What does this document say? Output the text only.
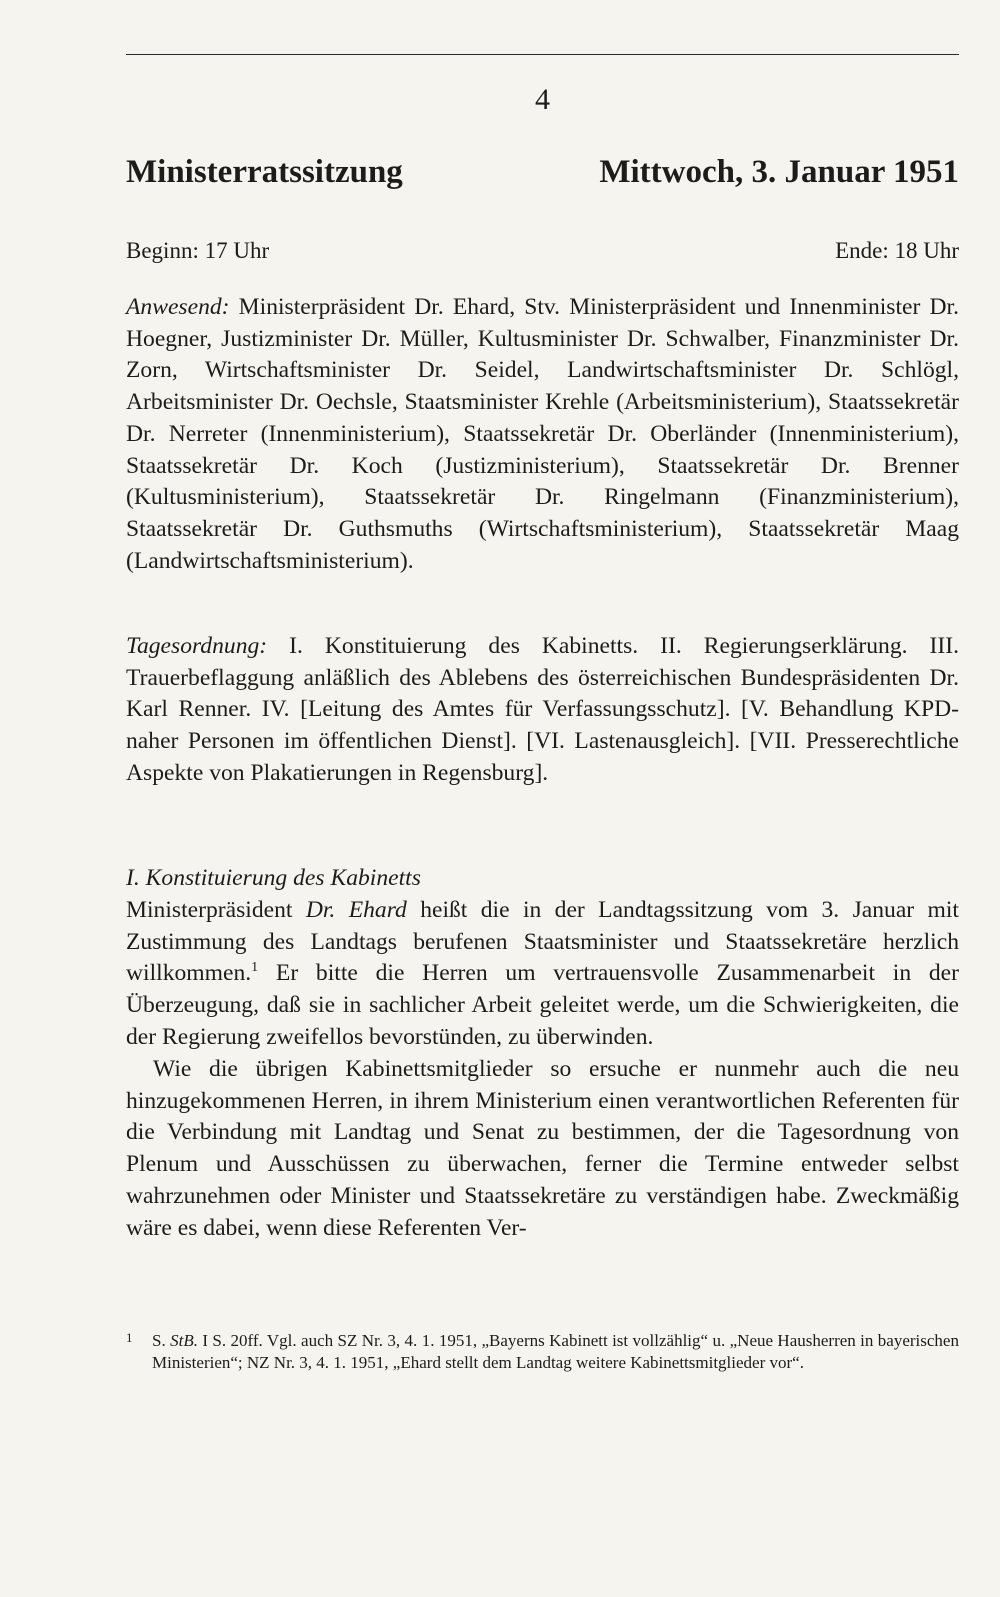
4
Ministerratssitzung	Mittwoch, 3. Januar 1951
Beginn: 17 Uhr	Ende: 18 Uhr

Anwesend: Ministerpräsident Dr. Ehard, Stv. Ministerpräsident und Innenminister Dr. Hoegner, Justizminister Dr. Müller, Kultusminister Dr. Schwalber, Finanzminister Dr. Zorn, Wirtschaftsminister Dr. Seidel, Landwirtschaftsminister Dr. Schlögl, Arbeitsminister Dr. Oechsle, Staatsminister Krehle (Arbeitsministerium), Staatssekretär Dr. Nerreter (Innenministerium), Staatssekretär Dr. Oberländer (Innenministerium), Staatssekretär Dr. Koch (Justizministerium), Staatssekretär Dr. Brenner (Kultusministerium), Staatssekretär Dr. Ringelmann (Finanzministerium), Staatssekretär Dr. Guthsmuths (Wirtschaftsministerium), Staatssekretär Maag (Landwirtschaftsministerium).

Tagesordnung: I. Konstituierung des Kabinetts. II. Regierungserklärung. III. Trauerbeflaggung anläßlich des Ablebens des österreichischen Bundespräsidenten Dr. Karl Renner. IV. [Leitung des Amtes für Verfassungsschutz]. [V. Behandlung KPD-naher Personen im öffentlichen Dienst]. [VI. Lastenausgleich]. [VII. Presserechtliche Aspekte von Plakatierungen in Regensburg].

I. Konstituierung des Kabinetts

Ministerpräsident Dr. Ehard heißt die in der Landtagssitzung vom 3. Januar mit Zustimmung des Landtags berufenen Staatsminister und Staatssekretäre herzlich willkommen.$^1$ Er bitte die Herren um vertrauensvolle Zusammenarbeit in der Überzeugung, daß sie in sachlicher Arbeit geleitet werde, um die Schwierigkeiten, die der Regierung zweifellos bevorstünden, zu überwinden.

Wie die übrigen Kabinettsmitglieder so ersuche er nunmehr auch die neu hinzugekommenen Herren, in ihrem Ministerium einen verantwortlichen Referenten für die Verbindung mit Landtag und Senat zu bestimmen, der die Tagesordnung von Plenum und Ausschüssen zu überwachen, ferner die Termine entweder selbst wahrzunehmen oder Minister und Staatssekretäre zu verständigen habe. Zweckmäßig wäre es dabei, wenn diese Referenten Ver-

1	S. StB. I S. 20ff. Vgl. auch SZ Nr. 3, 4. 1. 1951, „Bayerns Kabinett ist vollzählig“ u. „Neue Hausherren in bayerischen Ministerien“; NZ Nr. 3, 4. 1. 1951, „Ehard stellt dem Landtag weitere Kabinettsmitglieder vor“.
